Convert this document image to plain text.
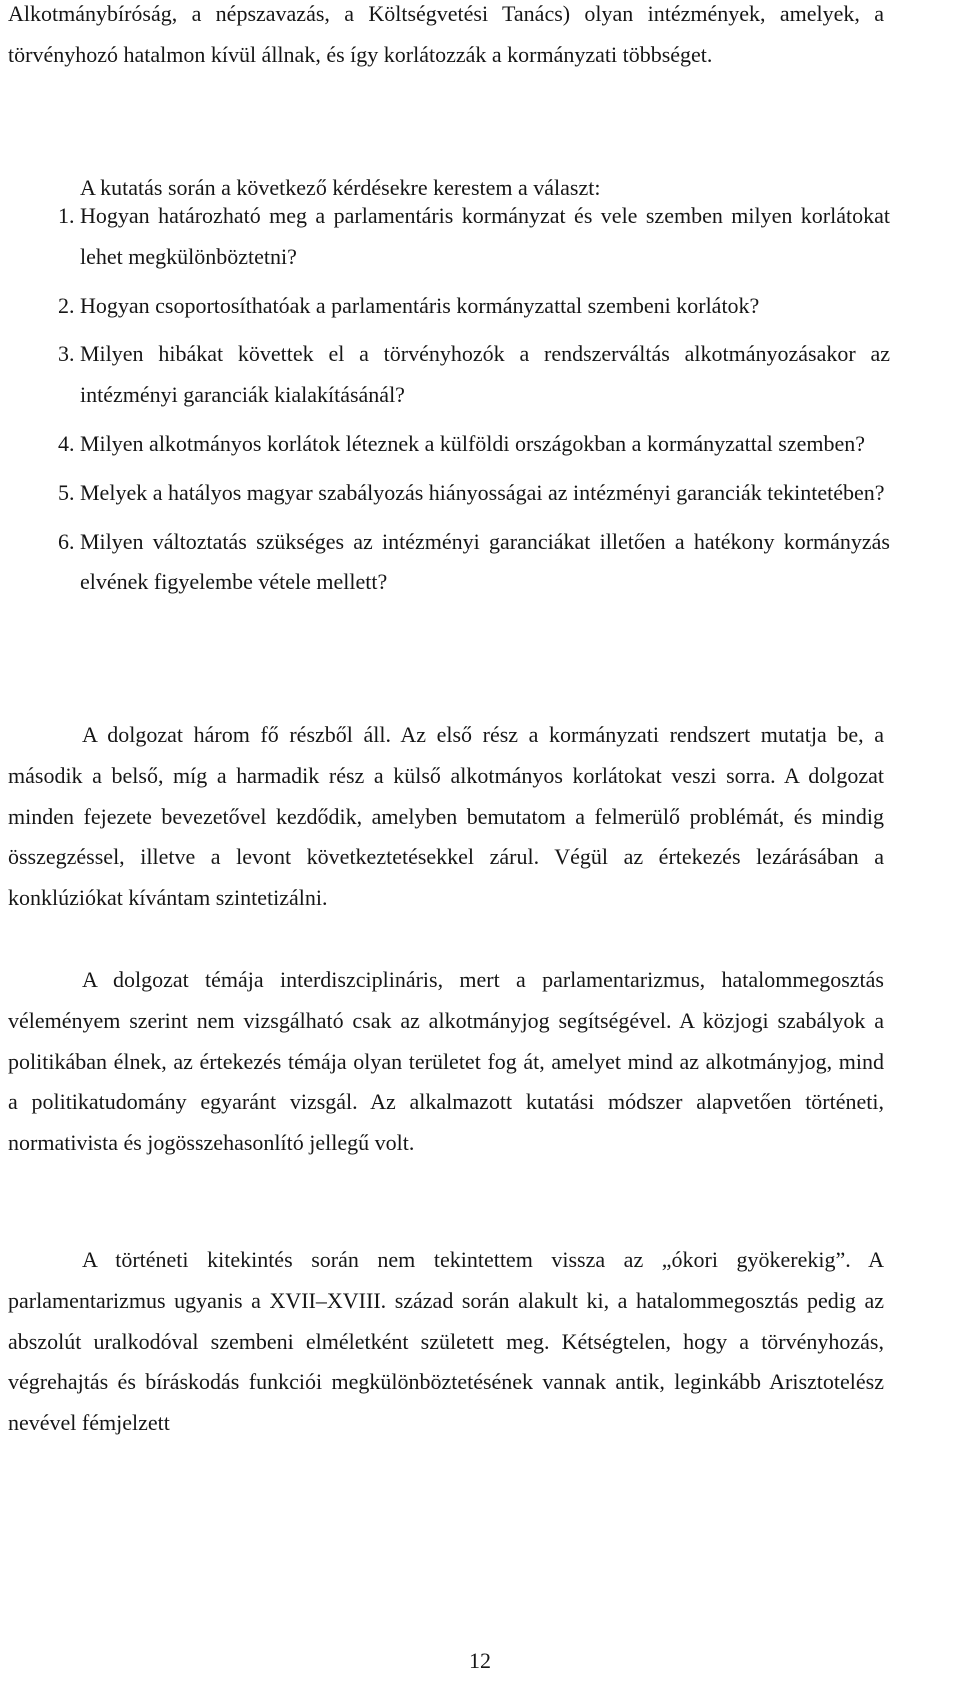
Alkotmánybíróság, a népszavazás, a Költségvetési Tanács) olyan intézmények, amelyek, a törvényhozó hatalmon kívül állnak, és így korlátozzák a kormányzati többséget.

A kutatás során a következő kérdésekre kerestem a választ:

1. Hogyan határozható meg a parlamentáris kormányzat és vele szemben milyen korlátokat lehet megkülönböztetni?
2. Hogyan csoportosíthatóak a parlamentáris kormányzattal szembeni korlátok?
3. Milyen hibákat követtek el a törvényhozók a rendszerváltás alkotmányozásakor az intézményi garanciák kialakításánál?
4. Milyen alkotmányos korlátok léteznek a külföldi országokban a kormányzattal szemben?
5. Melyek a hatályos magyar szabályozás hiányosságai az intézményi garanciák tekintetében?
6. Milyen változtatás szükséges az intézményi garanciákat illetően a hatékony kormányzás elvének figyelembe vétele mellett?

A dolgozat három fő részből áll. Az első rész a kormányzati rendszert mutatja be, a második a belső, míg a harmadik rész a külső alkotmányos korlátokat veszi sorra. A dolgozat minden fejezete bevezetővel kezdődik, amelyben bemutatom a felmerülő problémát, és mindig összegzéssel, illetve a levont következtetésekkel zárul. Végül az értekezés lezárásában a konklúziókat kívántam szintetizálni.

A dolgozat témája interdiszciplináris, mert a parlamentarizmus, hatalommegosztás véleményem szerint nem vizsgálható csak az alkotmányjog segítségével. A közjogi szabályok a politikában élnek, az értekezés témája olyan területet fog át, amelyet mind az alkotmányjog, mind a politikatudomány egyaránt vizsgál. Az alkalmazott kutatási módszer alapvetően történeti, normativista és jogösszehasonlító jellegű volt.

A történeti kitekintés során nem tekintettem vissza az „ókori gyökerekig”. A parlamentarizmus ugyanis a XVII–XVIII. század során alakult ki, a hatalommegosztás pedig az abszolút uralkodóval szembeni elméletként született meg. Kétségtelen, hogy a törvényhozás, végrehajtás és bíráskodás funkciói megkülönböztetésének vannak antik, leginkább Arisztotelész nevével fémjelzett

12
